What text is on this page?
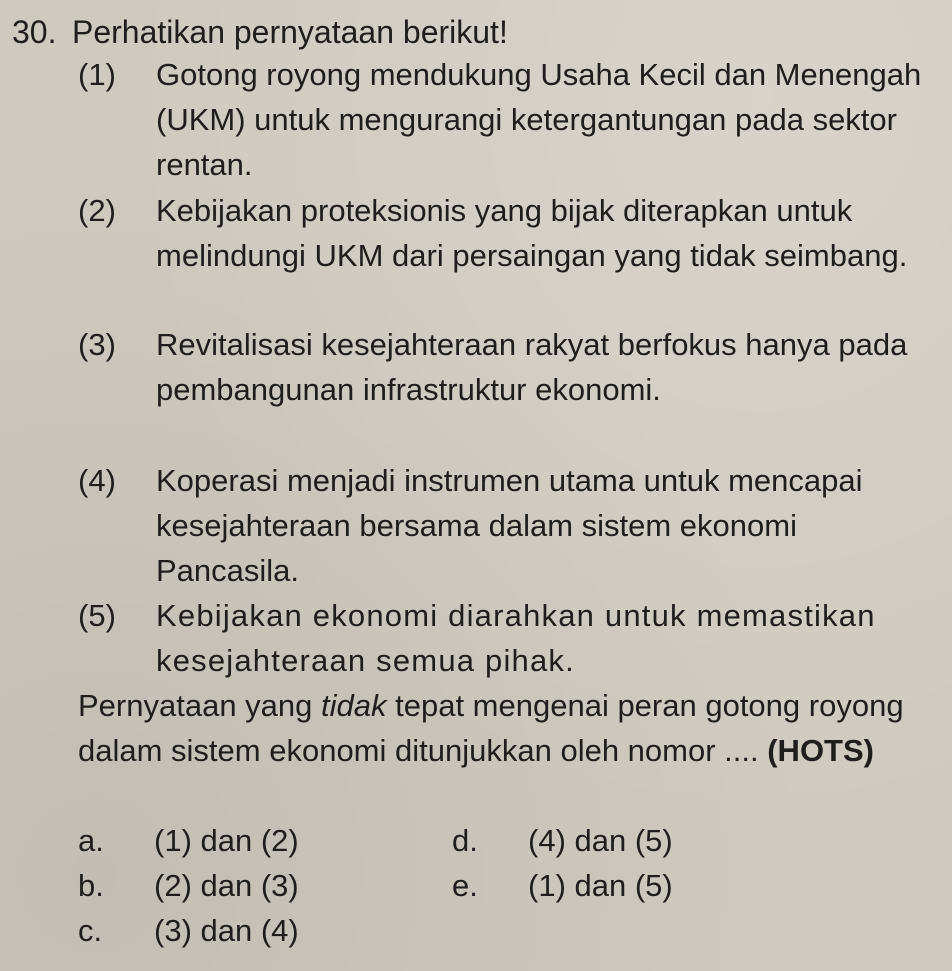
30. Perhatikan pernyataan berikut!
(1)	Gotong royong mendukung Usaha Kecil dan Menengah (UKM) untuk mengurangi ketergantungan pada sektor rentan.
(2)	Kebijakan proteksionis yang bijak diterapkan untuk melindungi UKM dari persaingan yang tidak seimbang.
(3)	Revitalisasi kesejahteraan rakyat berfokus hanya pada pembangunan infrastruktur ekonomi.
(4)	Koperasi menjadi instrumen utama untuk mencapai kesejahteraan bersama dalam sistem ekonomi Pancasila.
(5)	Kebijakan ekonomi diarahkan untuk memastikan kesejahteraan semua pihak.
Pernyataan yang tidak tepat mengenai peran gotong royong dalam sistem ekonomi ditunjukkan oleh nomor .... (HOTS)
a. (1) dan (2)
b. (2) dan (3)
c. (3) dan (4)
d. (4) dan (5)
e. (1) dan (5)
